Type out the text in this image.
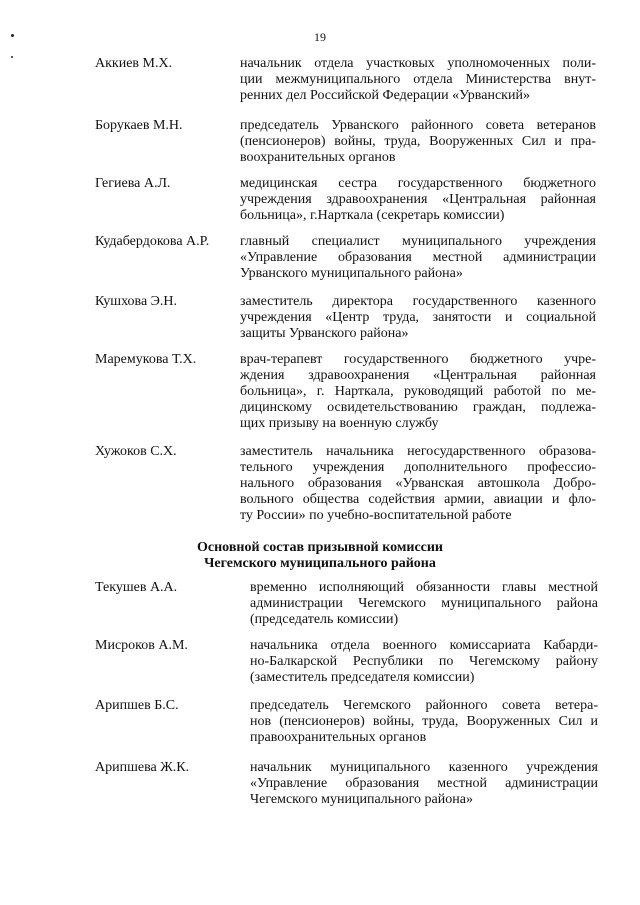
19
Аккиев М.Х.	начальник отдела участковых уполномоченных поли-
ции межмуниципального отдела Министерства внут-
ренних дел Российской Федерации «Урванский»
Борукаев М.Н.	председатель Урванского районного совета ветеранов
(пенсионеров) войны, труда, Вооруженных Сил и пра-
воохранительных органов
Гегиева А.Л.	медицинская сестра государственного бюджетного
учреждения здравоохранения «Центральная районная
больница», г.Нарткала (секретарь комиссии)
Кудабердокова А.Р. главный специалист муниципального учреждения
«Управление образования местной администрации
Урванского муниципального района»
Кушхова Э.Н.	заместитель директора государственного казенного
учреждения «Центр труда, занятости и социальной
защиты Урванского района»
Маремукова Т.Х.	врач-терапевт государственного бюджетного учре-
ждения здравоохранения «Центральная районная
больница», г. Нарткала, руководящий работой по ме-
дицинскому освидетельствованию граждан, подлежа-
щих призыву на военную службу
Хужоков С.Х.	заместитель начальника негосударственного образова-
тельного учреждения дополнительного профессио-
нального образования «Урванская автошкола Добро-
вольного общества содействия армии, авиации и фло-
ту России» по учебно-воспитательной работе
Основной состав призывной комиссии
Чегемского муниципального района
Текушев А.А.	временно исполняющий обязанности главы местной
администрации Чегемского муниципального района
(председатель комиссии)
Мисроков А.М.	начальника отдела военного комиссариата Кабарди-
но-Балкарской Республики по Чегемскому району
(заместитель председателя комиссии)
Арипшев Б.С.	председатель Чегемского районного совета ветера-
нов (пенсионеров) войны, труда, Вооруженных Сил и
правоохранительных органов
Арипшева Ж.К.	начальник муниципального казенного учреждения
«Управление образования местной администрации
Чегемского муниципального района»
